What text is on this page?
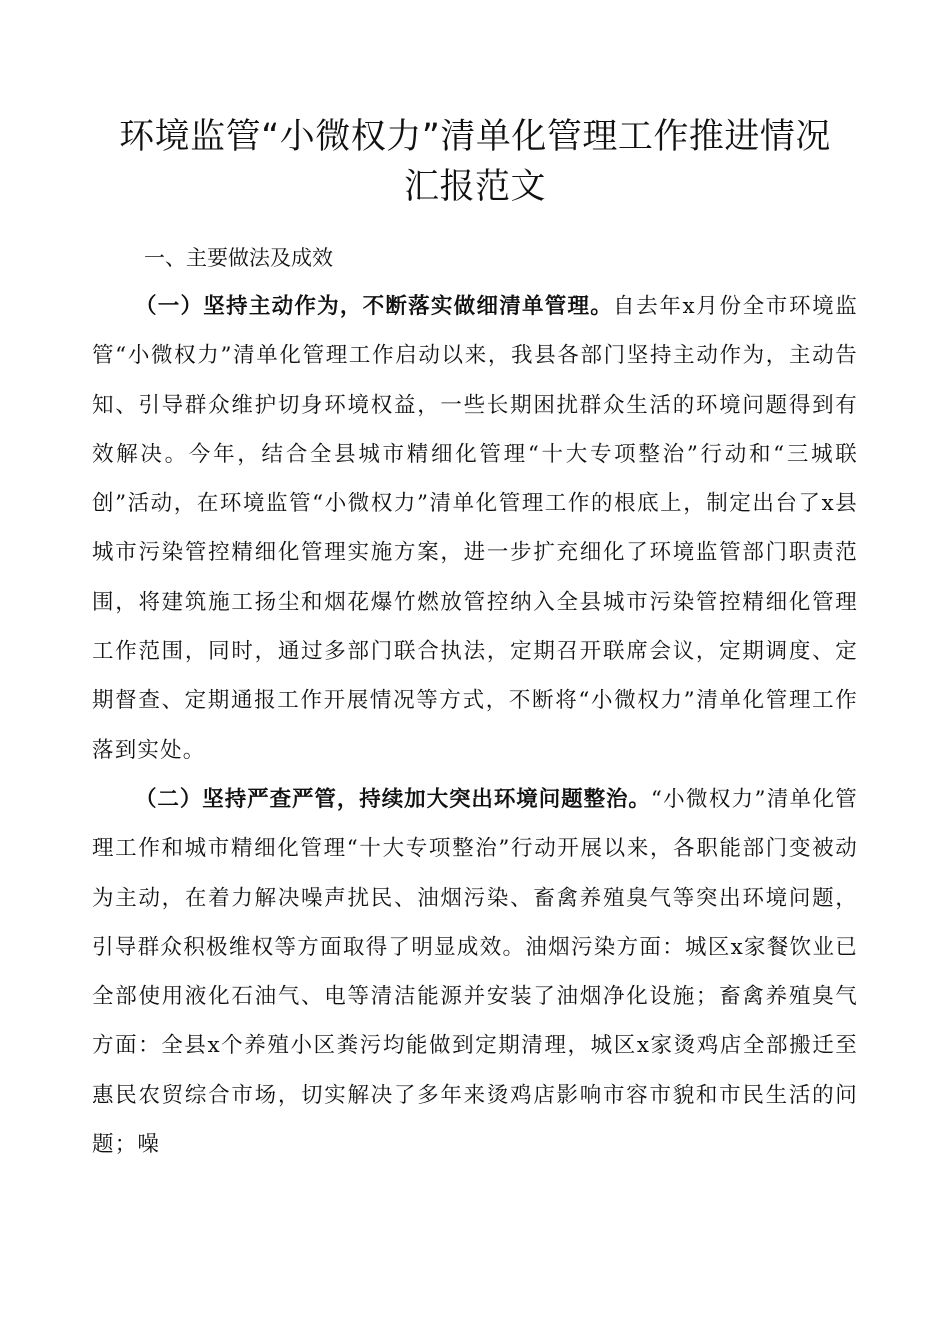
环境监管“小微权力”清单化管理工作推进情况
汇报范文
一、主要做法及成效

（一）坚持主动作为，不断落实做细清单管理。自去年x月份全市环境监管“小微权力”清单化管理工作启动以来，我县各部门坚持主动作为，主动告知、引导群众维护切身环境权益，一些长期困扰群众生活的环境问题得到有效解决。今年，结合全县城市精细化管理“十大专项整治”行动和“三城联创”活动，在环境监管“小微权力”清单化管理工作的根底上，制定出台了x县城市污染管控精细化管理实施方案，进一步扩充细化了环境监管部门职责范围，将建筑施工扬尘和烟花爆竹燃放管控纳入全县城市污染管控精细化管理工作范围，同时，通过多部门联合执法，定期召开联席会议，定期调度、定期督查、定期通报工作开展情况等方式，不断将“小微权力”清单化管理工作落到实处。

（二）坚持严查严管，持续加大突出环境问题整治。“小微权力”清单化管理工作和城市精细化管理“十大专项整治”行动开展以来，各职能部门变被动为主动，在着力解决噪声扰民、油烟污染、畜禽养殖臭气等突出环境问题，引导群众积极维权等方面取得了明显成效。油烟污染方面：城区x家餐饮业已全部使用液化石油气、电等清洁能源并安装了油烟净化设施；畜禽养殖臭气方面：全县x个养殖小区粪污均能做到定期清理，城区x家烫鸡店全部搬迁至惠民农贸综合市场，切实解决了多年来烫鸡店影响市容市貌和市民生活的问题；噪
